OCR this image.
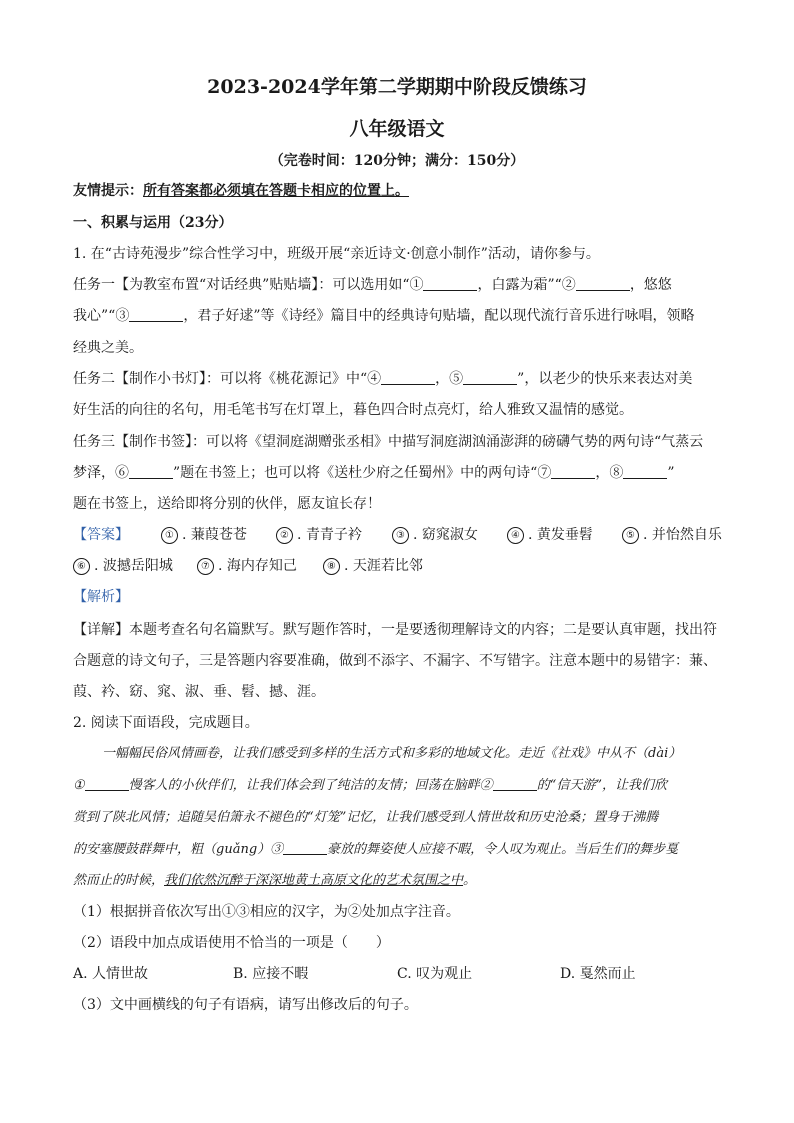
2023-2024学年第二学期期中阶段反馈练习
八年级语文
（完卷时间：120分钟；满分：150分）
友情提示：所有答案都必须填在答题卡相应的位置上。
一、积累与运用（23分）
1. 在“古诗苑漫步”综合性学习中，班级开展“亲近诗文·创意小制作”活动，请你参与。
任务一【为教室布置“对话经典”贴贴墙】：可以选用如“①	，白露为霜”“②	，悠悠
我心”“③	，君子好逑”等《诗经》篇目中的经典诗句贴墙，配以现代流行音乐进行咏唱，领略
经典之美。
任务二【制作小书灯】：可以将《桃花源记》中“④	，⑤	”，以老少的快乐来表达对美
好生活的向往的名句，用毛笔书写在灯罩上，暮色四合时点亮灯，给人雅致又温情的感觉。
任务三【制作书签】：可以将《望洞庭湖赠张丞相》中描写洞庭湖汹涌澎湃的磅礴气势的两句诗“气蒸云
梦泽，⑥	”题在书签上；也可以将《送杜少府之任蜀州》中的两句诗“⑦	，⑧	”
题在书签上，送给即将分别的伙伴，愿友谊长存！
【答案】	① . 蒹葭苍苍	② . 青青子衿	③ . 窈窕淑女	④ . 黄发垂髫	⑤ . 并怡然自乐
⑥ . 波撼岳阳城	⑦ . 海内存知己	⑧ . 天涯若比邻
【解析】
【详解】本题考查名句名篇默写。默写题作答时，一是要透彻理解诗文的内容；二是要认真审题，找出符
合题意的诗文句子，三是答题内容要准确，做到不添字、不漏字、不写错字。注意本题中的易错字：蒹、
葭、衿、窈、窕、淑、垂、髫、撼、涯。
2. 阅读下面语段，完成题目。
一幅幅民俗风情画卷，让我们感受到多样的生活方式和多彩的地域文化。走近《社戏》中从不（dài）
①	慢客人的小伙伴们，让我们体会到了纯洁的友情；回荡在脑畔②	的“信天游”，让我们欣
赏到了陕北风情；追随吴伯箫永不褪色的“灯笼”记忆，让我们感受到人情世故和历史沧桑；置身于沸腾
的安塞腰鼓群舞中，粗（guǎng）③	豪放的舞姿使人应接不暇，令人叹为观止。当后生们的舞步戛
然而止的时候，我们依然沉醉于深深地黄土高原文化的艺术氛围之中。
（1）根据拼音依次写出①③相应的汉字，为②处加点字注音。
（2）语段中加点成语使用不恰当的一项是（　　）
A. 人情世故	B. 应接不暇	C. 叹为观止	D. 戛然而止
（3）文中画横线的句子有语病，请写出修改后的句子。
